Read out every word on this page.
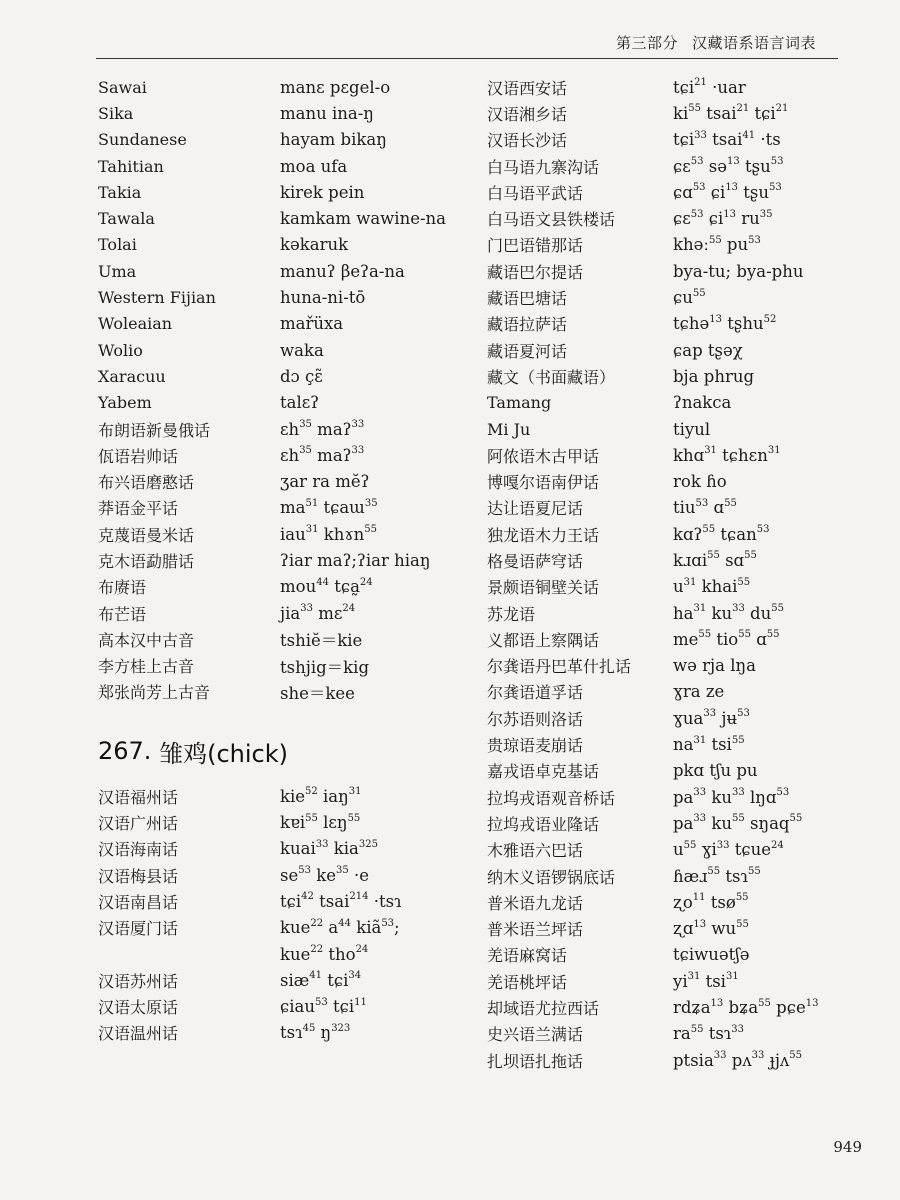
第三部分 汉藏语系语言词表
Sawai	manɛ pɛgel-o
Sika	manu ina-ŋ
Sundanese	hayam bikaŋ
Tahitian	moa ufa
Takia	kirek pein
Tawala	kamkam wawine-na
Tolai	kəkaruk
Uma	manuʔ βeʔa-na
Western Fijian	huna-ni-tō
Woleaian	mařüxa
Wolio	waka
Xaracuu	dɔ çɛ̃
Yabem	talɛʔ
布朗语新曼俄话	ɛh$^{35}$ maʔ$^{33}$
佤语岩帅话	ɛh$^{35}$ maʔ$^{33}$
布兴语磨憨话	ʒar ra mĕʔ
莽语金平话	$ma^{51}$ tɕaɯ$^{35}$
克蔑语曼米话	iau$^{31}$ khɤn$^{55}$
克木语勐腊话	ʔiar maʔ;ʔiar hiaŋ
布赓语	mou$^{44}$ tɕa̰$^{24}$
布芒语	jia$^{33}$ mɛ$^{24}$
高本汉中古音	tshiĕ＝kie
李方桂上古音	tshjig＝kig
郑张尚芳上古音	she＝kee
267.
雏鸡(chick)
汉语福州话	kie$^{52}$ iaŋ$^{31}$
汉语广州话	kɐi$^{55}$ lɛŋ$^{55}$
汉语海南话	kuai$^{33}$ kia$^{325}$
汉语梅县话	$se^{53}$ $ke^{35} \cdot e$
汉语南昌话	tɕi$^{42}$ tsai$^{214}$ ·tsɿ
汉语厦门话	kue$^{22}$ $a^{44}$ kiã$^{53}$;
kue$^{22}$ tho$^{24}$
汉语苏州话	siæ$^{41}$ tɕi$^{34}$
汉语太原话	ɕiau$^{53}$ tɕi$^{11}$
汉语温州话	tsɿ$^{45}$ $ŋ^{323}$
汉语西安话	tɕi$^{21}$ ·uar
汉语湘乡话	$ki^{55}$ tsai$^{21}$ tɕi$^{21}$
汉语长沙话	tɕi$^{33}$ tsai$^{41}$ ·ts
白马语九寨沟话	ɕɛ$^{53}$ sə$^{13}$ tʂu$^{53}$
白马语平武话	ɕɑ$^{53}$ ɕi$^{13}$ tʂu$^{53}$
白马语文县铁楼话	ɕɛ$^{53}$ ɕi$^{13}$ $ru^{35}$
门巴语错那话	khəː$^{55}$ $pu^{53}$
藏语巴尔提话	bya-tu; bya-phu
藏语巴塘话	ɕu$^{55}$
藏语拉萨话	tɕhə$^{13}$ tʂhu$^{52}$
藏语夏河话	ɕap tʂəχ
藏文（书面藏语）	bja phrug
Tamang	ʔnakca
Mi Ju	tiyul
阿侬语木古甲话	khɑ$^{31}$ tɕhɛn$^{31}$
博嘎尔语南伊话	rok ɦo
达让语夏尼话	tiu$^{53}$ ɑ$^{55}$
独龙语木力王话	kɑʔ$^{55}$ tɕan$^{53}$
格曼语萨穹话	kɹɑi$^{55}$ sɑ$^{55}$
景颇语铜壁关话	$u^{31}$ khai$^{55}$
苏龙语	$ha^{31}$ $ku^{33}$ $du^{55}$
义都语上察隅话	$me^{55}$ tio$^{55}$ ɑ$^{55}$
尔龚语丹巴革什扎话	wə rja lŋa
尔龚语道孚话	ɣra ze
尔苏语则洛话	ɣua$^{33}$ jʉ$^{53}$
贵琼语麦崩话	$na^{31}$ tsi$^{55}$
嘉戎语卓克基话	pkɑ tʃu pu
拉坞戎语观音桥话	$pa^{33}$ $ku^{33}$ lŋɑ$^{53}$
拉坞戎语业隆话	$pa^{33}$ $ku^{55}$ sŋaq$^{55}$
木雅语六巴话	$u^{55}$ ɣi$^{33}$ tɕue$^{24}$
纳木义语锣锅底话	ɦæɹ$^{55}$ tsɿ$^{55}$
普米语九龙话	ʐo$^{11}$ tsø$^{55}$
普米语兰坪话	ʐɑ$^{13}$ $wu^{55}$
羌语麻窝话	tɕiwuətʃə
羌语桃坪话	$yi^{31}$ tsi$^{31}$
却域语尤拉西话	rdʑa$^{13}$ bʑa$^{55}$ pɕe$^{13}$
史兴语兰满话	$ra^{55}$ tsɿ$^{33}$
扎坝语扎拖话	ptsia$^{33}$ pʌ$^{33}$ ɟjʌ$^{55}$
949
